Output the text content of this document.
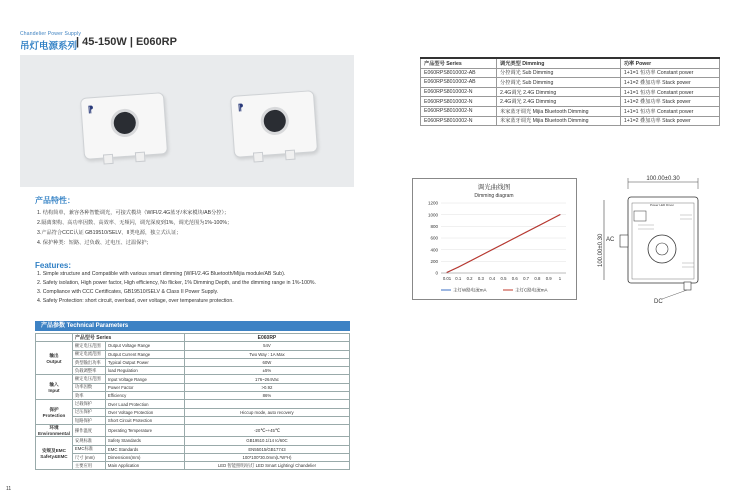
Chandelier Power Supply
吊灯电源系列
| 45-150W | E060RP
⁋	⁋
产品型号 Series	调光类型 Dimming	功率 Power
E060RPS8010002-AB	分控调光 Sub Dimming	1+1=1 恒功率 Constant power
E060RPS8010002-AB	分控调光 Sub Dimming	1+1=2 叠加功率 Stack power
E060RPS8010002-N	2.4G调光 2.4G Dimming	1+1=1 恒功率 Constant power
E060RPS8010002-N	2.4G调光 2.4G Dimming	1+1=2 叠加功率 Stack power
E060RPS8010002-N	米家蓝牙调光 Mijia Bluetooth Dimming	1+1=1 恒功率 Constant power
E060RPS8010002-N	米家蓝牙调光 Mijia Bluetooth Dimming	1+1=2 叠加功率 Stack power
产品特性：
1. 结构简单，兼容各种智能调光，可接式模块（WIFI/2.4G蓝牙/米家模块/AB分控）；
2.隔离架构、高功率因数、高效率、无频闪，调光深度到1%，调光范围为1%-100%；
3.产品符合CCC认证 GB19510/SELV、II类电源，独立式认证；
4. 保护种类：短路、过负载、过电压、过温保护；
Features:
1. Simple structure and Compatible with various smart dimming (WIFI/2.4G Bluetooth/Mijia module/AB Sub).
2. Safety isolation, High power factor, High efficiency, No flicker, 1% Dimming Depth, and the dimming range in 1%-100%.
3. Compliance with CCC Certificates, GB19510/SELV & Class II Power Supply.
4. Safety Protection: short circuit, overload, over voltage, over temperature protection.
调光曲线图
Dimming diagram
0
200
400
600
800
1000
1200
0.01 0.1 0.2 0.3 0.4 0.5 0.6 0.7 0.8 0.9 1
主灯W路电流mA	主灯C路电流mA
100.00±0.30
100.00±0.30
Power LED Driver
AC
DC
产品参数 Technical Parameters
	产品型号 Series		E060RP
输出
Output	额定电压范围	Output Voltage Range	54V
	额定电流范围	Output Current Range	Two Way : 1A Max
	典型输出功率	Typical Output Power	60W
	负载调整率	load Regulation	±5%
输入
Input	额定电压范围	Input Voltage Range	176~264Vac
	功率因数	Power Factor	>0.92
	效率	Efficiency	86%
保护
Protection	过载保护	Over Load Protection	
	过压保护	Over Voltage Protection	Hiccup mode, auto recovery
	短路保护	Short Circuit Protection	
环境 Environmental	操作温度	Operating Temperature	-20℃~+45℃
安规及EMC
Safety&EMC	安规标准	Safety Standards	GB19510.1/14 Ic/60C
	EMC标准	EMC Standards	EN55015/GB17743
	尺寸 (mm)	Dimensions(mm)	100*100*30.0mm(L*W*H)
	主要应用	Main Application	LED 智能照明/吊灯 LED Smart Lighting/ Chandelier
11
